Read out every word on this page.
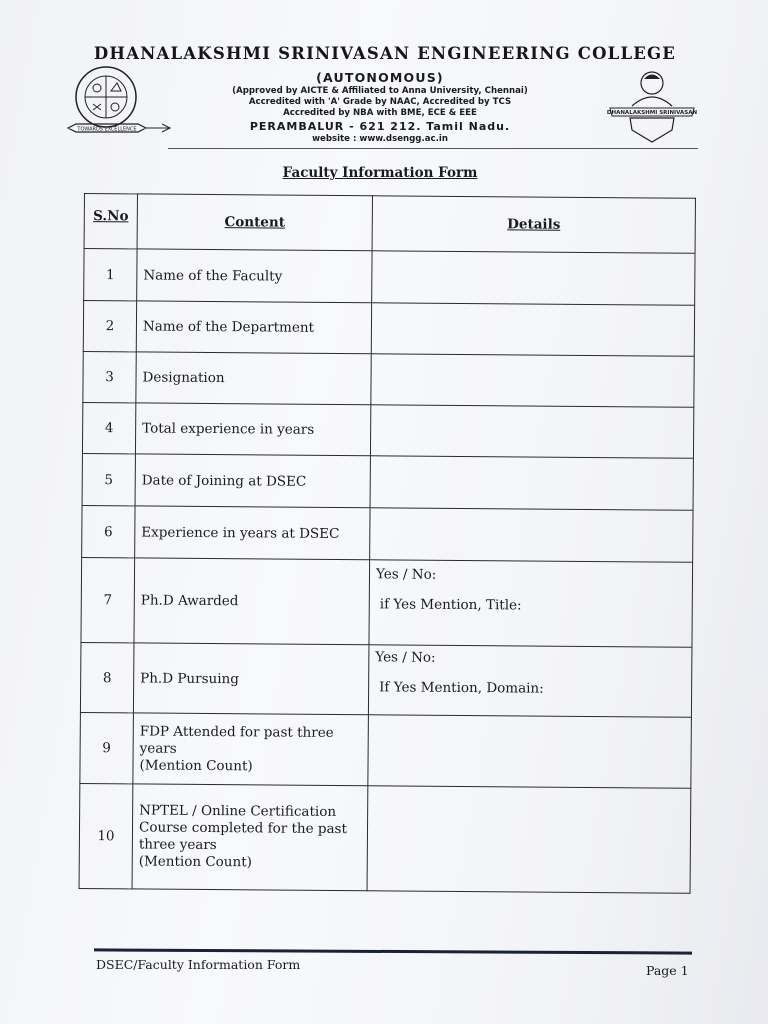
TOWARDS EXCELLENCE
DHANALAKSHMI SRINIVASAN ENGINEERING COLLEGE
(AUTONOMOUS)
(Approved by AICTE & Affiliated to Anna University, Chennai)
Accredited with 'A' Grade by NAAC, Accredited by TCS
Accredited by NBA with BME, ECE & EEE
PERAMBALUR - 621 212. Tamil Nadu.
website : www.dsengg.ac.in
DHANALAKSHMI SRINIVASAN
Faculty Information Form
S.No	Content	Details
1	Name of the Faculty	
2	Name of the Department	
3	Designation	
4	Total experience in years	
5	Date of Joining at DSEC	
6	Experience in years at DSEC	
7	Ph.D Awarded	Yes / No:
if Yes Mention, Title:

8	Ph.D Pursuing	Yes / No:
If Yes Mention, Domain:

9	FDP Attended for past three years
(Mention Count)	
10	NPTEL / Online Certification
Course completed for the past
three years
(Mention Count)	
DSEC/Faculty Information Form	Page 1
